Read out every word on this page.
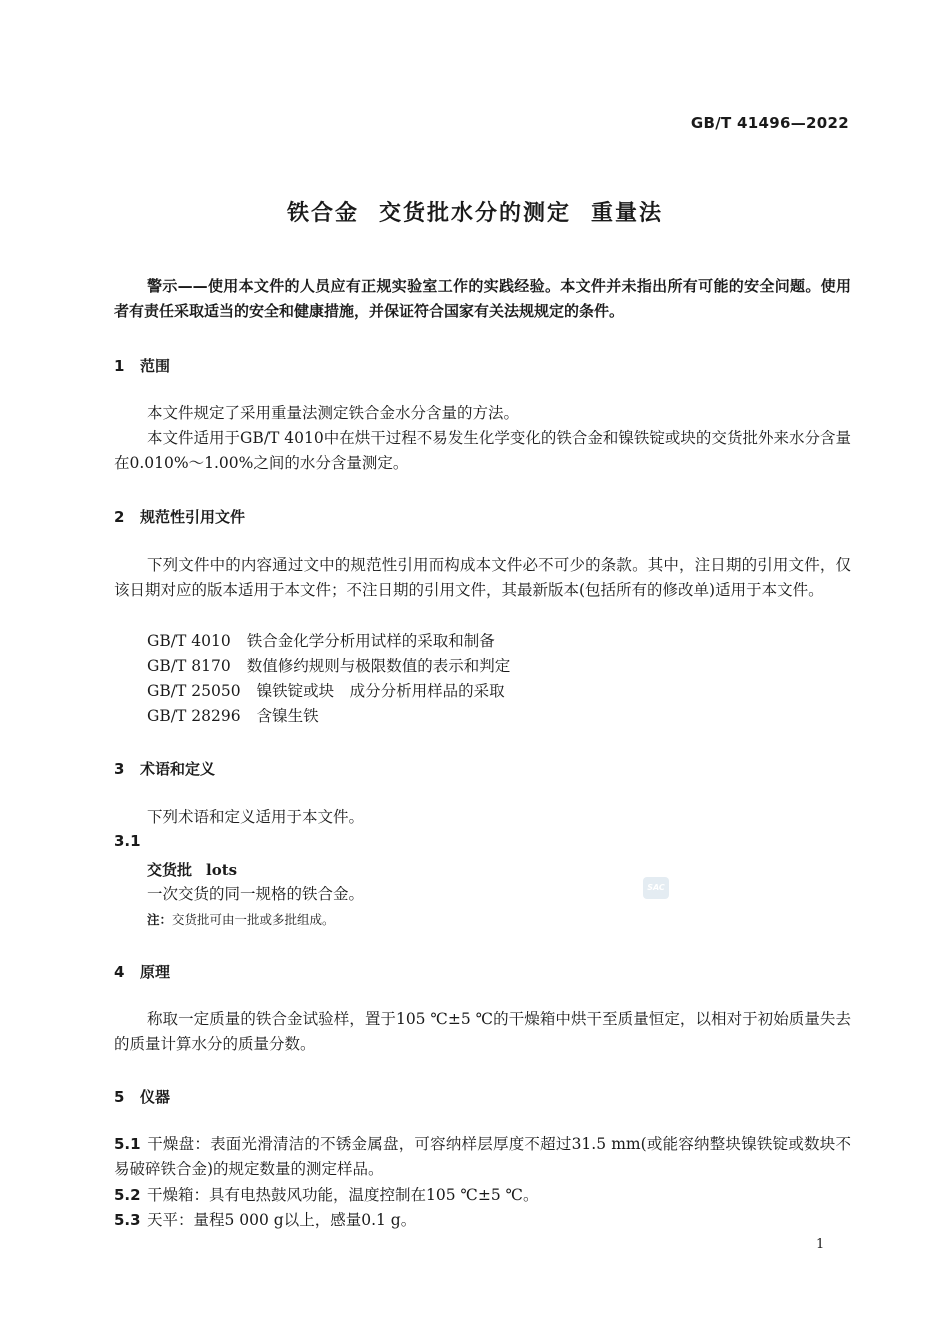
GB/T 41496—2022
铁合金 交货批水分的测定 重量法
警示——使用本文件的人员应有正规实验室工作的实践经验。本文件并未指出所有可能的安全问题。使用者有责任采取适当的安全和健康措施，并保证符合国家有关法规规定的条件。
1 范围
本文件规定了采用重量法测定铁合金水分含量的方法。
本文件适用于GB/T 4010中在烘干过程不易发生化学变化的铁合金和镍铁锭或块的交货批外来水分含量在0.010%～1.00%之间的水分含量测定。
2 规范性引用文件
下列文件中的内容通过文中的规范性引用而构成本文件必不可少的条款。其中，注日期的引用文件，仅该日期对应的版本适用于本文件；不注日期的引用文件，其最新版本(包括所有的修改单)适用于本文件。
GB/T 4010 铁合金化学分析用试样的采取和制备
GB/T 8170 数值修约规则与极限数值的表示和判定
GB/T 25050 镍铁锭或块　成分分析用样品的采取
GB/T 28296 含镍生铁
3 术语和定义
下列术语和定义适用于本文件。
3.1
交货批 lots
一次交货的同一规格的铁合金。
注：交货批可由一批或多批组成。
SAC
4 原理
称取一定质量的铁合金试验样，置于105 ℃±5 ℃的干燥箱中烘干至质量恒定，以相对于初始质量失去的质量计算水分的质量分数。
5 仪器
5.1 干燥盘：表面光滑清洁的不锈金属盘，可容纳样层厚度不超过31.5 mm(或能容纳整块镍铁锭或数块不易破碎铁合金)的规定数量的测定样品。
5.2 干燥箱：具有电热鼓风功能，温度控制在105 ℃±5 ℃。
5.3 天平：量程5 000 g以上，感量0.1 g。
1
